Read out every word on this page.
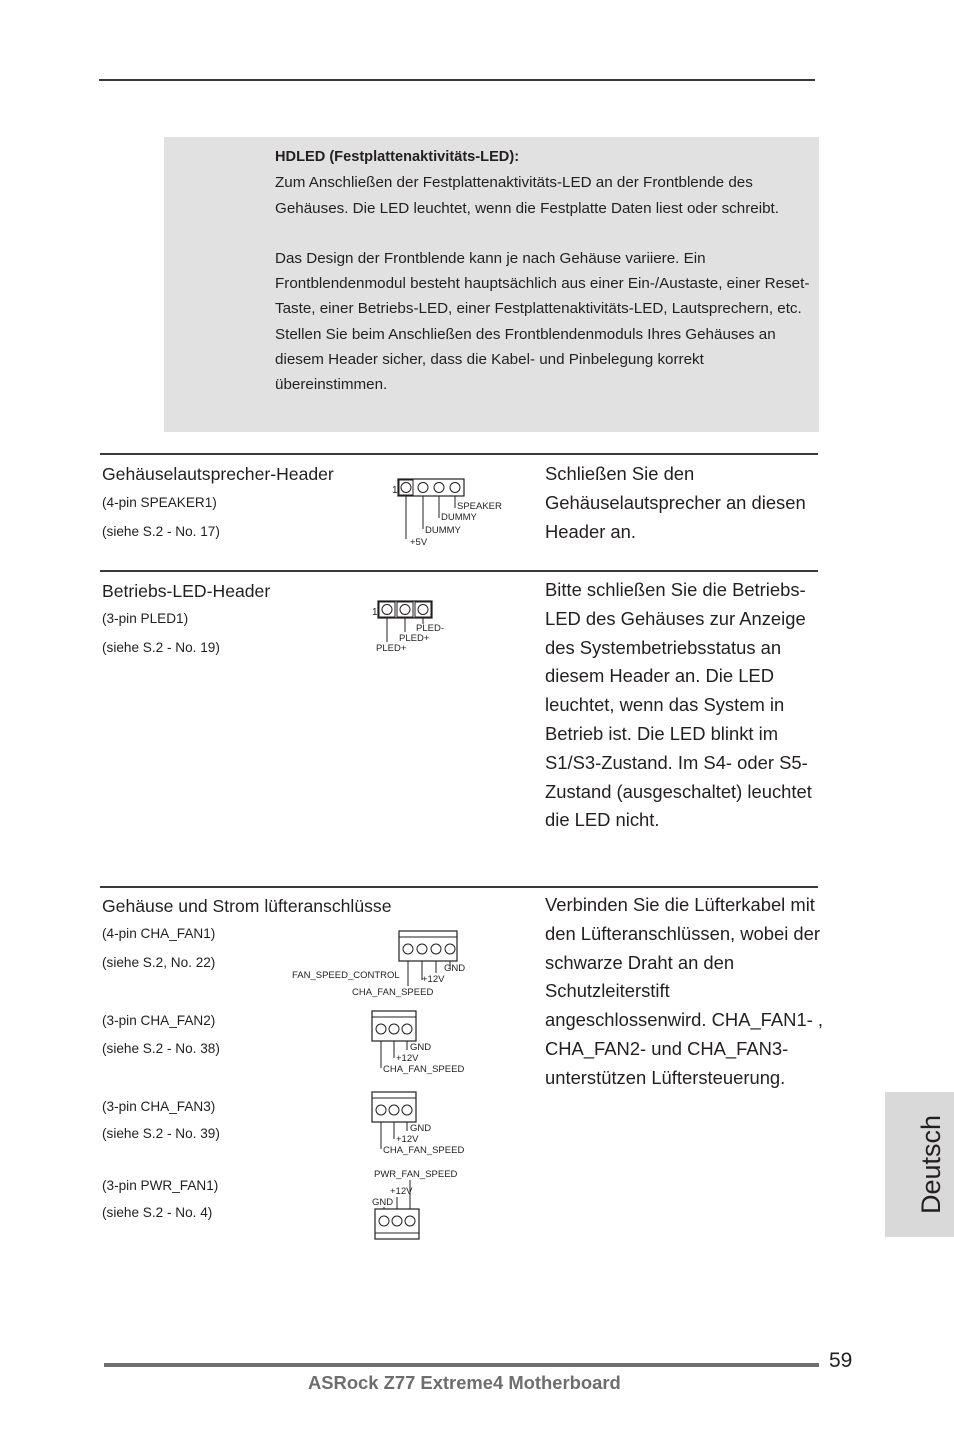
HDLED (Festplattenaktivitäts-LED):
Zum Anschließen der Festplattenaktivitäts-LED an der Frontblende des Gehäuses. Die LED leuchtet, wenn die Festplatte Daten liest oder schreibt.
Das Design der Frontblende kann je nach Gehäuse variiere. Ein Frontblendenmodul besteht hauptsächlich aus einer Ein-/Austaste, einer Reset-Taste, einer Betriebs-LED, einer Festplattenaktivitäts-LED, Lautsprechern, etc. Stellen Sie beim Anschließen des Frontblendenmoduls Ihres Gehäuses an diesem Header sicher, dass die Kabel- und Pinbelegung korrekt übereinstimmen.
Gehäuselautsprecher-Header
(4-pin SPEAKER1)
(siehe S.2 - No. 17)
1
SPEAKER
DUMMY
DUMMY
+5V
Schließen Sie den Gehäuselautsprecher an diesen Header an.
Betriebs-LED-Header
(3-pin PLED1)
(siehe S.2 - No. 19)
1
PLED-
PLED+
PLED+
Bitte schließen Sie die Betriebs-LED des Gehäuses zur Anzeige des Systembetriebsstatus an diesem Header an. Die LED leuchtet, wenn das System in Betrieb ist. Die LED blinkt im S1/S3-Zustand. Im S4- oder S5-Zustand (ausgeschaltet) leuchtet die LED nicht.
Gehäuse und Strom lüfteranschlüsse
(4-pin CHA_FAN1)
(siehe S.2, No. 22)
(3-pin CHA_FAN2)
(siehe S.2 - No. 38)
(3-pin CHA_FAN3)
(siehe S.2 - No. 39)
(3-pin PWR_FAN1)
(siehe S.2 - No. 4)
GND
+12V
FAN_SPEED_CONTROL
CHA_FAN_SPEED
GND
+12V
CHA_FAN_SPEED
GND
+12V
CHA_FAN_SPEED
PWR_FAN_SPEED
+12V
GND
Verbinden Sie die Lüfterkabel mit den Lüfteranschlüssen, wobei der schwarze Draht an den Schutzleiterstift angeschlossenwird. CHA_FAN1- , CHA_FAN2- und CHA_FAN3- unterstützen Lüftersteuerung.
Deutsch
59
ASRock Z77 Extreme4 Motherboard
